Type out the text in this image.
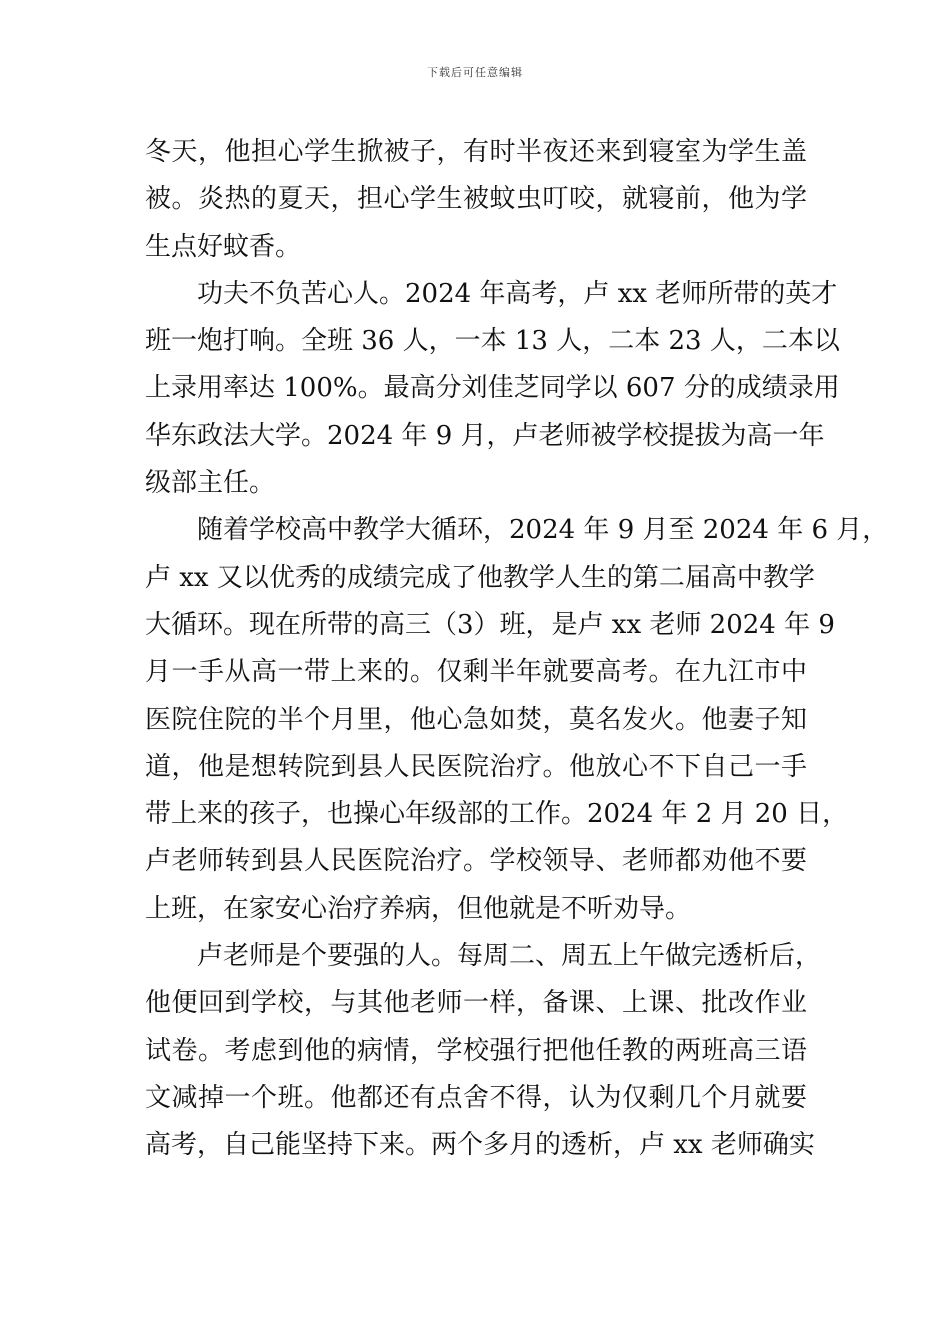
下载后可任意编辑
冬天，他担心学生掀被子，有时半夜还来到寝室为学生盖
被。炎热的夏天，担心学生被蚊虫叮咬，就寝前，他为学
生点好蚊香。
功夫不负苦心人。2024 年高考，卢 xx 老师所带的英才
班一炮打响。全班 36 人，一本 13 人，二本 23 人，二本以
上录用率达 100%。最高分刘佳芝同学以 607 分的成绩录用
华东政法大学。2024 年 9 月，卢老师被学校提拔为高一年
级部主任。
随着学校高中教学大循环，2024 年 9 月至 2024 年 6 月，
卢 xx 又以优秀的成绩完成了他教学人生的第二届高中教学
大循环。现在所带的高三（3）班，是卢 xx 老师 2024 年 9
月一手从高一带上来的。仅剩半年就要高考。在九江市中
医院住院的半个月里，他心急如焚，莫名发火。他妻子知
道，他是想转院到县人民医院治疗。他放心不下自己一手
带上来的孩子，也操心年级部的工作。2024 年 2 月 20 日，
卢老师转到县人民医院治疗。学校领导、老师都劝他不要
上班，在家安心治疗养病，但他就是不听劝导。
卢老师是个要强的人。每周二、周五上午做完透析后，
他便回到学校，与其他老师一样，备课、上课、批改作业
试卷。考虑到他的病情，学校强行把他任教的两班高三语
文减掉一个班。他都还有点舍不得，认为仅剩几个月就要
高考，自己能坚持下来。两个多月的透析，卢 xx 老师确实
